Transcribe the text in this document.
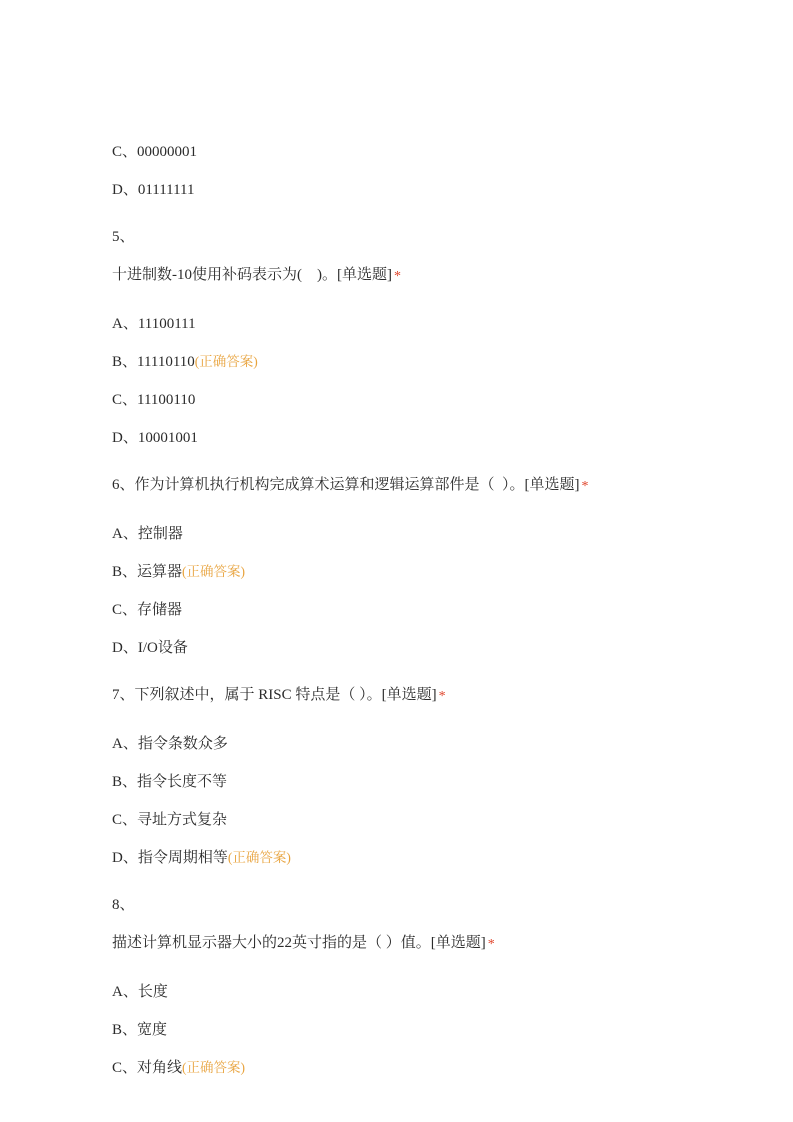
C、 00000001
D、 01111111
5、
十进制数-10使用补码表示为(    )。 [单选题] *
A、 11100111
B、 11110110 (正确答案)
C、 11100110
D、 10001001
6、 作为计算机执行机构完成算术运算和逻辑运算部件是（  ）。 [单选题] *
A、 控制器
B、 运算器 (正确答案)
C、 存储器
D、 I/O设备
7、 下列叙述中，属于 RISC 特点是（ ）。 [单选题] *
A、 指令条数众多
B、 指令长度不等
C、 寻址方式复杂
D、 指令周期相等 (正确答案)
8、
描述计算机显示器大小的22英寸指的是（ ）值。 [单选题] *
A、 长度
B、 宽度
C、 对角线 (正确答案)
